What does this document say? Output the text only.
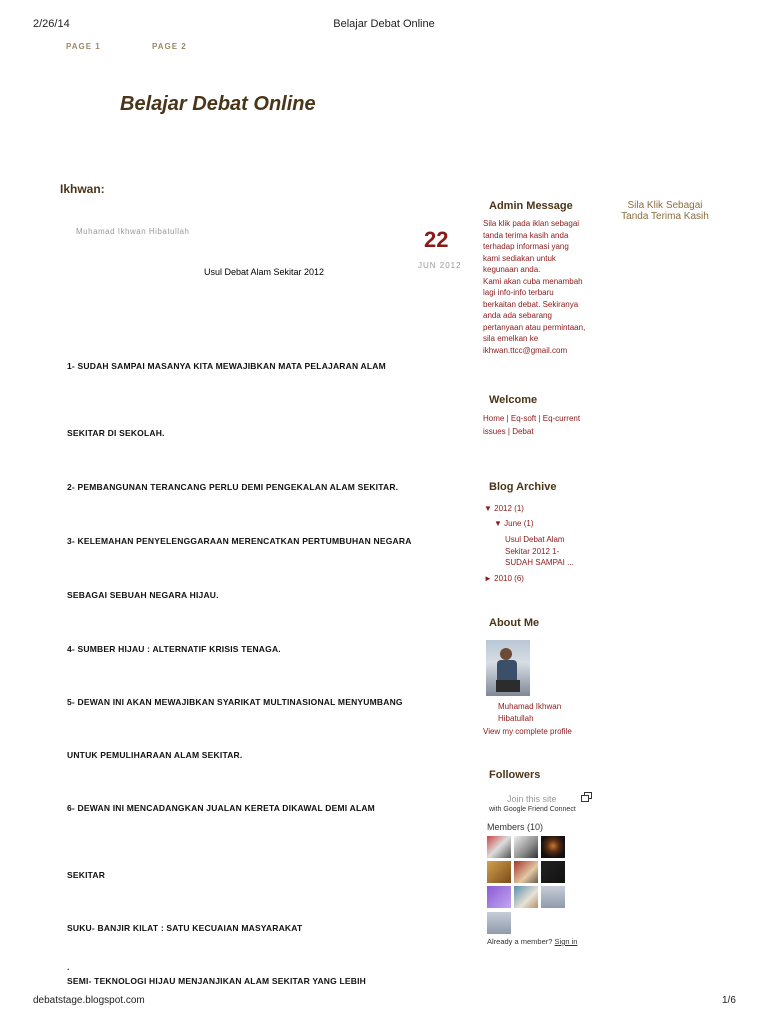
2/26/14	Belajar Debat Online
PAGE 1	PAGE 2
Belajar Debat Online
Ikhwan:
Muhamad Ikhwan Hibatullah	22
JUN 2012
Usul Debat Alam Sekitar 2012
1- SUDAH SAMPAI MASANYA KITA MEWAJIBKAN MATA PELAJARAN ALAM
SEKITAR DI SEKOLAH.
2- PEMBANGUNAN TERANCANG PERLU DEMI PENGEKALAN ALAM SEKITAR.
3- KELEMAHAN PENYELENGGARAAN MERENCATKAN PERTUMBUHAN NEGARA
SEBAGAI SEBUAH NEGARA HIJAU.
4- SUMBER HIJAU : ALTERNATIF KRISIS TENAGA.
5- DEWAN INI AKAN MEWAJIBKAN SYARIKAT MULTINASIONAL MENYUMBANG
UNTUK PEMULIHARAAN ALAM SEKITAR.
6- DEWAN INI MENCADANGKAN JUALAN KERETA DIKAWAL DEMI ALAM
SEKITAR
SUKU- BANJIR KILAT : SATU KECUAIAN MASYARAKAT
.
SEMI- TEKNOLOGI HIJAU MENJANJIKAN ALAM SEKITAR YANG LEBIH
Admin Message
Sila klik pada iklan sebagai
tanda terima kasih anda
terhadap informasi yang
kami sediakan untuk
kegunaan anda.
Kami akan cuba menambah
lagi info-info terbaru
berkaitan debat. Sekiranya
anda ada sebarang
pertanyaan atau permintaan,
sila emelkan ke
ikhwan.ttcc@gmail.com
Sila Klik Sebagai
Tanda Terima Kasih
Welcome
Home | Eq-soft | Eq-current
issues | Debat
Blog Archive
▼ 2012 (1)
▼ June (1)
Usul Debat Alam
Sekitar 2012 1-
SUDAH SAMPAI ...
► 2010 (6)
About Me
Muhamad Ikhwan
Hibatullah
View my complete profile
Followers
Join this site
with Google Friend Connect
Members (10)
Already a member? Sign in
debatstage.blogspot.com	1/6
